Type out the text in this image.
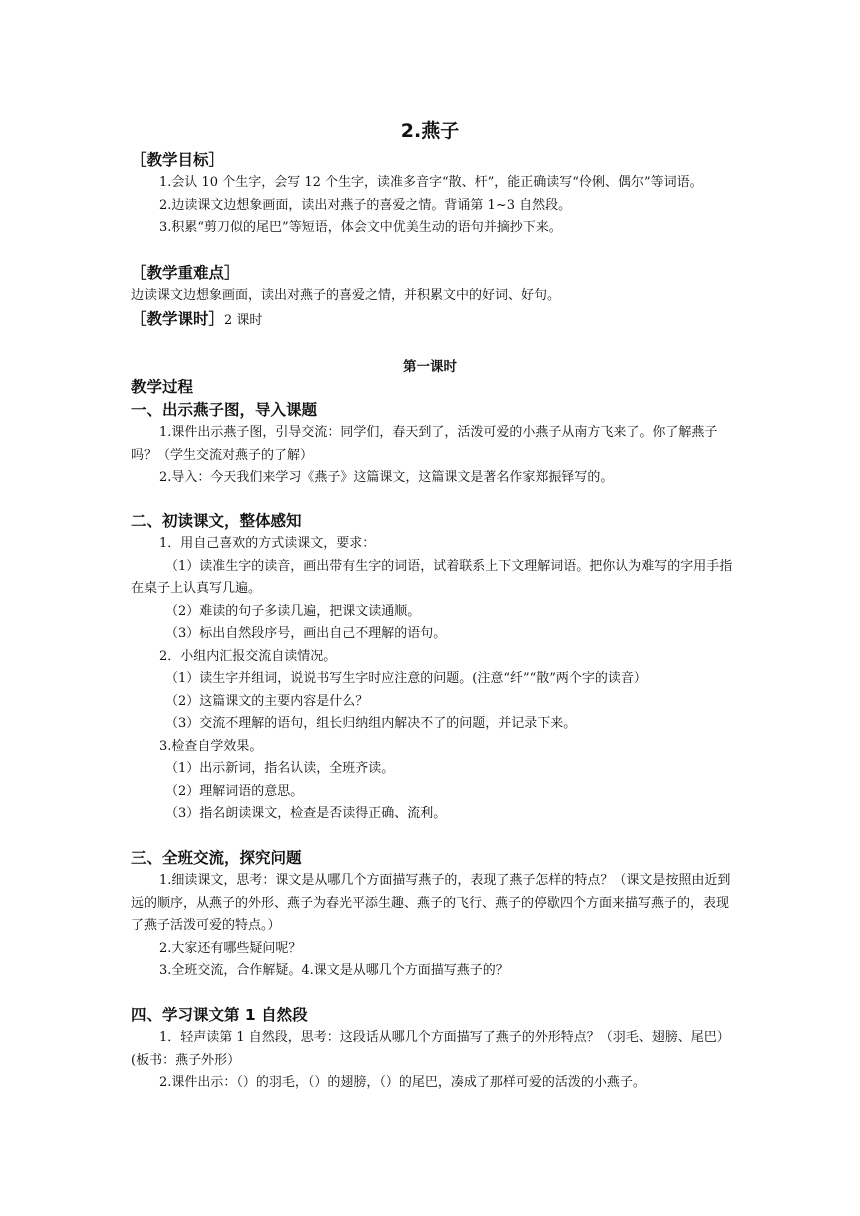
2.燕子

［教学目标］

1.会认 10 个生字，会写 12 个生字，读准多音字“散、杆”，能正确读写“伶俐、偶尔”等词语。

2.边读课文边想象画面，读出对燕子的喜爱之情。背诵第 1~3 自然段。

3.积累“剪刀似的尾巴”等短语，体会文中优美生动的语句并摘抄下来。

［教学重难点］

边读课文边想象画面，读出对燕子的喜爱之情，并积累文中的好词、好句。

［教学课时］2 课时

第一课时

教学过程

一、出示燕子图，导入课题

1.课件出示燕子图，引导交流：同学们，春天到了，活泼可爱的小燕子从南方飞来了。你了解燕子吗？（学生交流对燕子的了解）

2.导入：今天我们来学习《燕子》这篇课文，这篇课文是著名作家郑振铎写的。

二、初读课文，整体感知

1．用自己喜欢的方式读课文，要求：

（1）读准生字的读音，画出带有生字的词语，试着联系上下文理解词语。把你认为难写的字用手指在桌子上认真写几遍。

（2）难读的句子多读几遍，把课文读通顺。

（3）标出自然段序号，画出自己不理解的语句。

2．小组内汇报交流自读情况。

（1）读生字并组词，说说书写生字时应注意的问题。(注意“纤”“散”两个字的读音）

（2）这篇课文的主要内容是什么？

（3）交流不理解的语句，组长归纳组内解决不了的问题，并记录下来。

3.检查自学效果。

（1）出示新词，指名认读，全班齐读。

（2）理解词语的意思。

（3）指名朗读课文，检查是否读得正确、流利。

三、全班交流，探究问题

1.细读课文，思考：课文是从哪几个方面描写燕子的，表现了燕子怎样的特点？（课文是按照由近到远的顺序，从燕子的外形、燕子为春光平添生趣、燕子的飞行、燕子的停歇四个方面来描写燕子的，表现了燕子活泼可爱的特点。）

2.大家还有哪些疑问呢？

3.全班交流，合作解疑。4.课文是从哪几个方面描写燕子的？

四、学习课文第 1 自然段

1．轻声读第 1 自然段，思考：这段话从哪几个方面描写了燕子的外形特点？（羽毛、翅膀、尾巴）(板书：燕子外形）

2.课件出示：（）的羽毛，（）的翅膀，（）的尾巴，凑成了那样可爱的活泼的小燕子。
